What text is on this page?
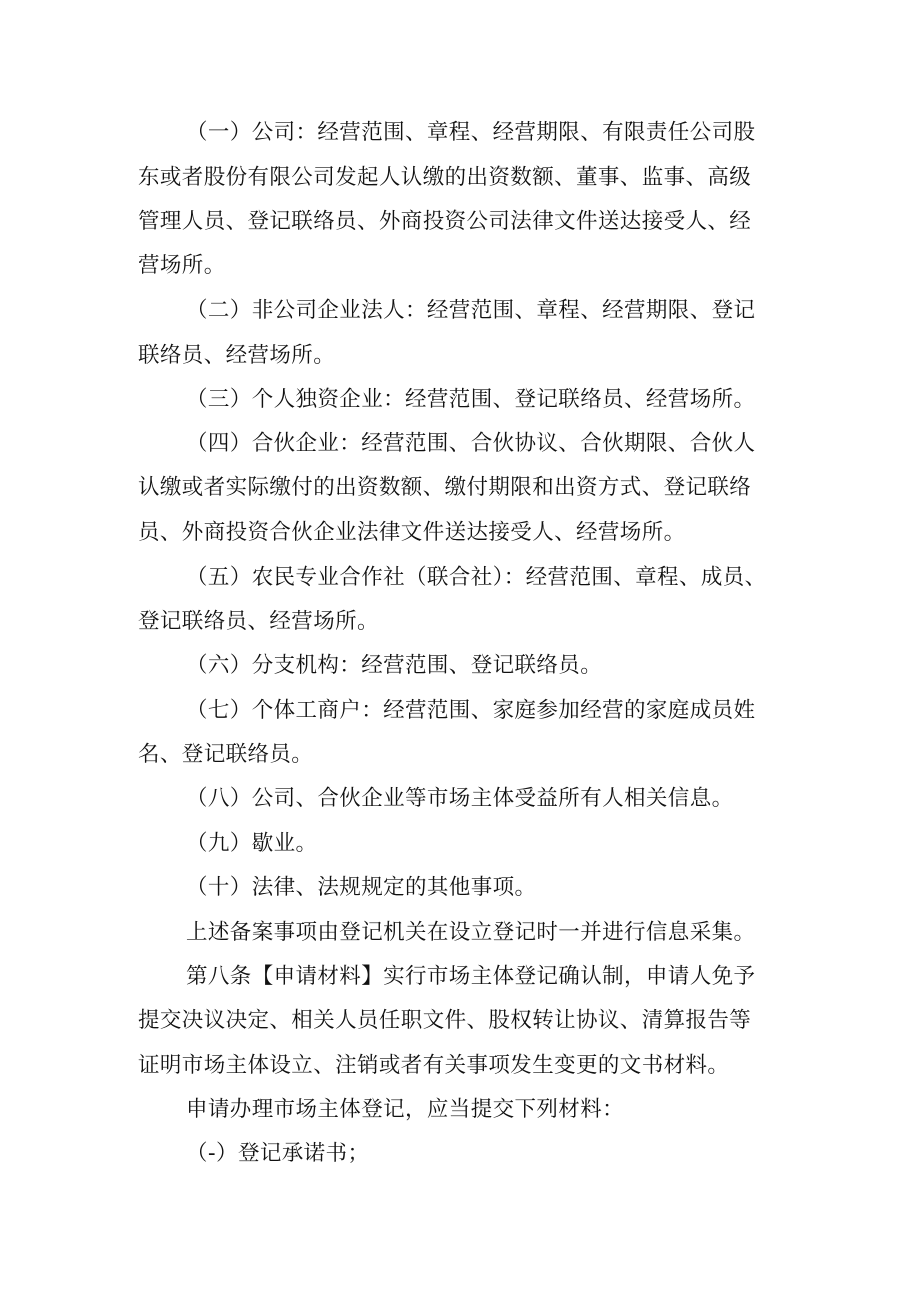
（一）公司：经营范围、章程、经营期限、有限责任公司股
东或者股份有限公司发起人认缴的出资数额、董事、监事、高级
管理人员、登记联络员、外商投资公司法律文件送达接受人、经
营场所。
（二）非公司企业法人：经营范围、章程、经营期限、登记
联络员、经营场所。
（三）个人独资企业：经营范围、登记联络员、经营场所。
（四）合伙企业：经营范围、合伙协议、合伙期限、合伙人
认缴或者实际缴付的出资数额、缴付期限和出资方式、登记联络
员、外商投资合伙企业法律文件送达接受人、经营场所。
（五）农民专业合作社（联合社）：经营范围、章程、成员、
登记联络员、经营场所。
（六）分支机构：经营范围、登记联络员。
（七）个体工商户：经营范围、家庭参加经营的家庭成员姓
名、登记联络员。
（八）公司、合伙企业等市场主体受益所有人相关信息。
（九）歇业。
（十）法律、法规规定的其他事项。
上述备案事项由登记机关在设立登记时一并进行信息采集。
第八条【申请材料】实行市场主体登记确认制，申请人免予
提交决议决定、相关人员任职文件、股权转让协议、清算报告等
证明市场主体设立、注销或者有关事项发生变更的文书材料。
申请办理市场主体登记，应当提交下列材料：
（-）登记承诺书；
